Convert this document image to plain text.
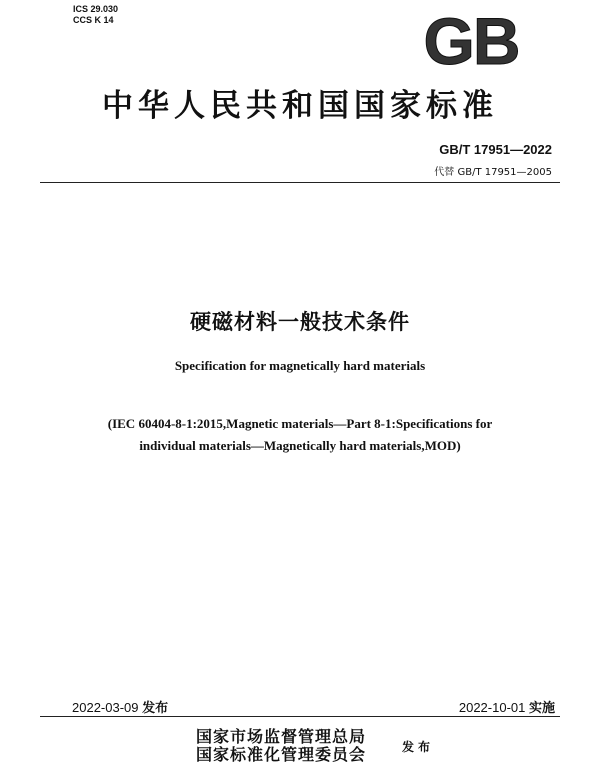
ICS 29.030
CCS K 14	GB
中华人民共和国国家标准
GB/T 17951—2022
代替 GB/T 17951—2005
硬磁材料一般技术条件
Specification for magnetically hard materials
(IEC 60404-8-1:2015,Magnetic materials—Part 8-1:Specifications for
individual materials—Magnetically hard materials,MOD)
2022-03-09 发布	2022-10-01 实施
国家市场监督管理总局
国家标准化管理委员会	发布
